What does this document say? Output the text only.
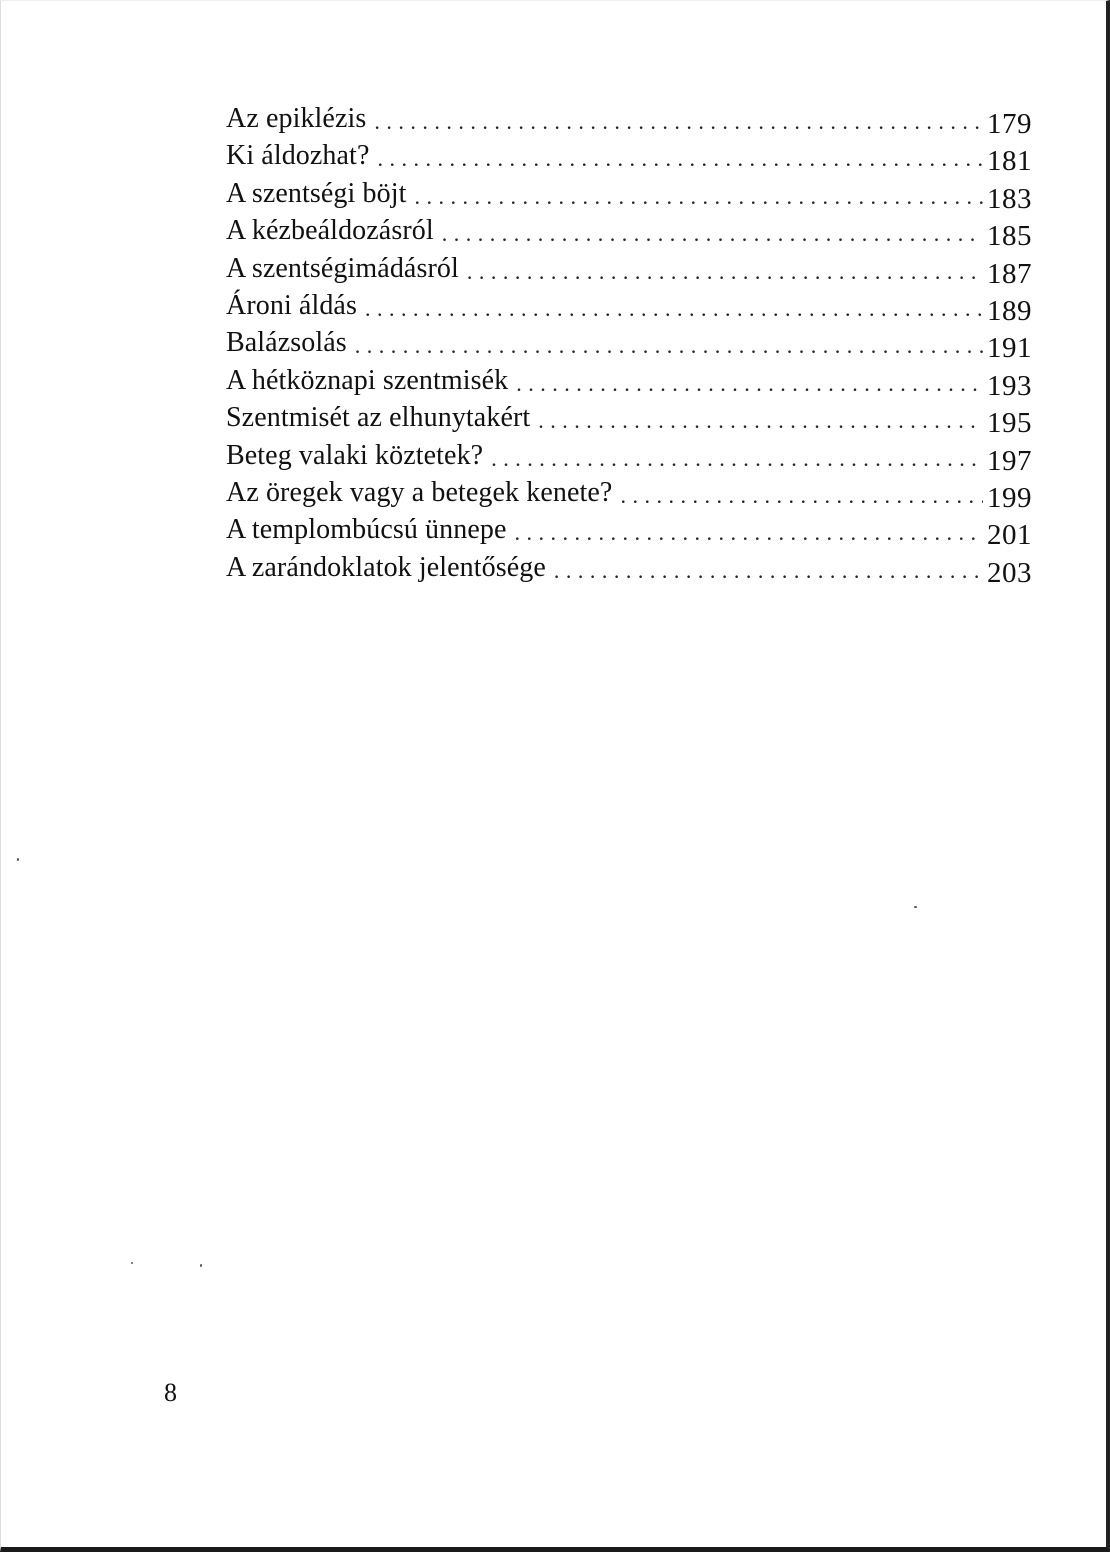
Az epiklézis . . .	179
Ki áldozhat? . . .	181
A szentségi böjt . . .	183
A kézbeáldozásról . . .	185
A szentségimádásról . . .	187
Ároni áldás . . .	189
Balázsolás . . .	191
A hétköznapi szentmisék . . .	193
Szentmisét az elhunytakért . . .	195
Beteg valaki köztetek? . . .	197
Az öregek vagy a betegek kenete? . . .	199
A templombúcsú ünnepe . . .	201
A zarándoklatok jelentősége . . .	203
8
